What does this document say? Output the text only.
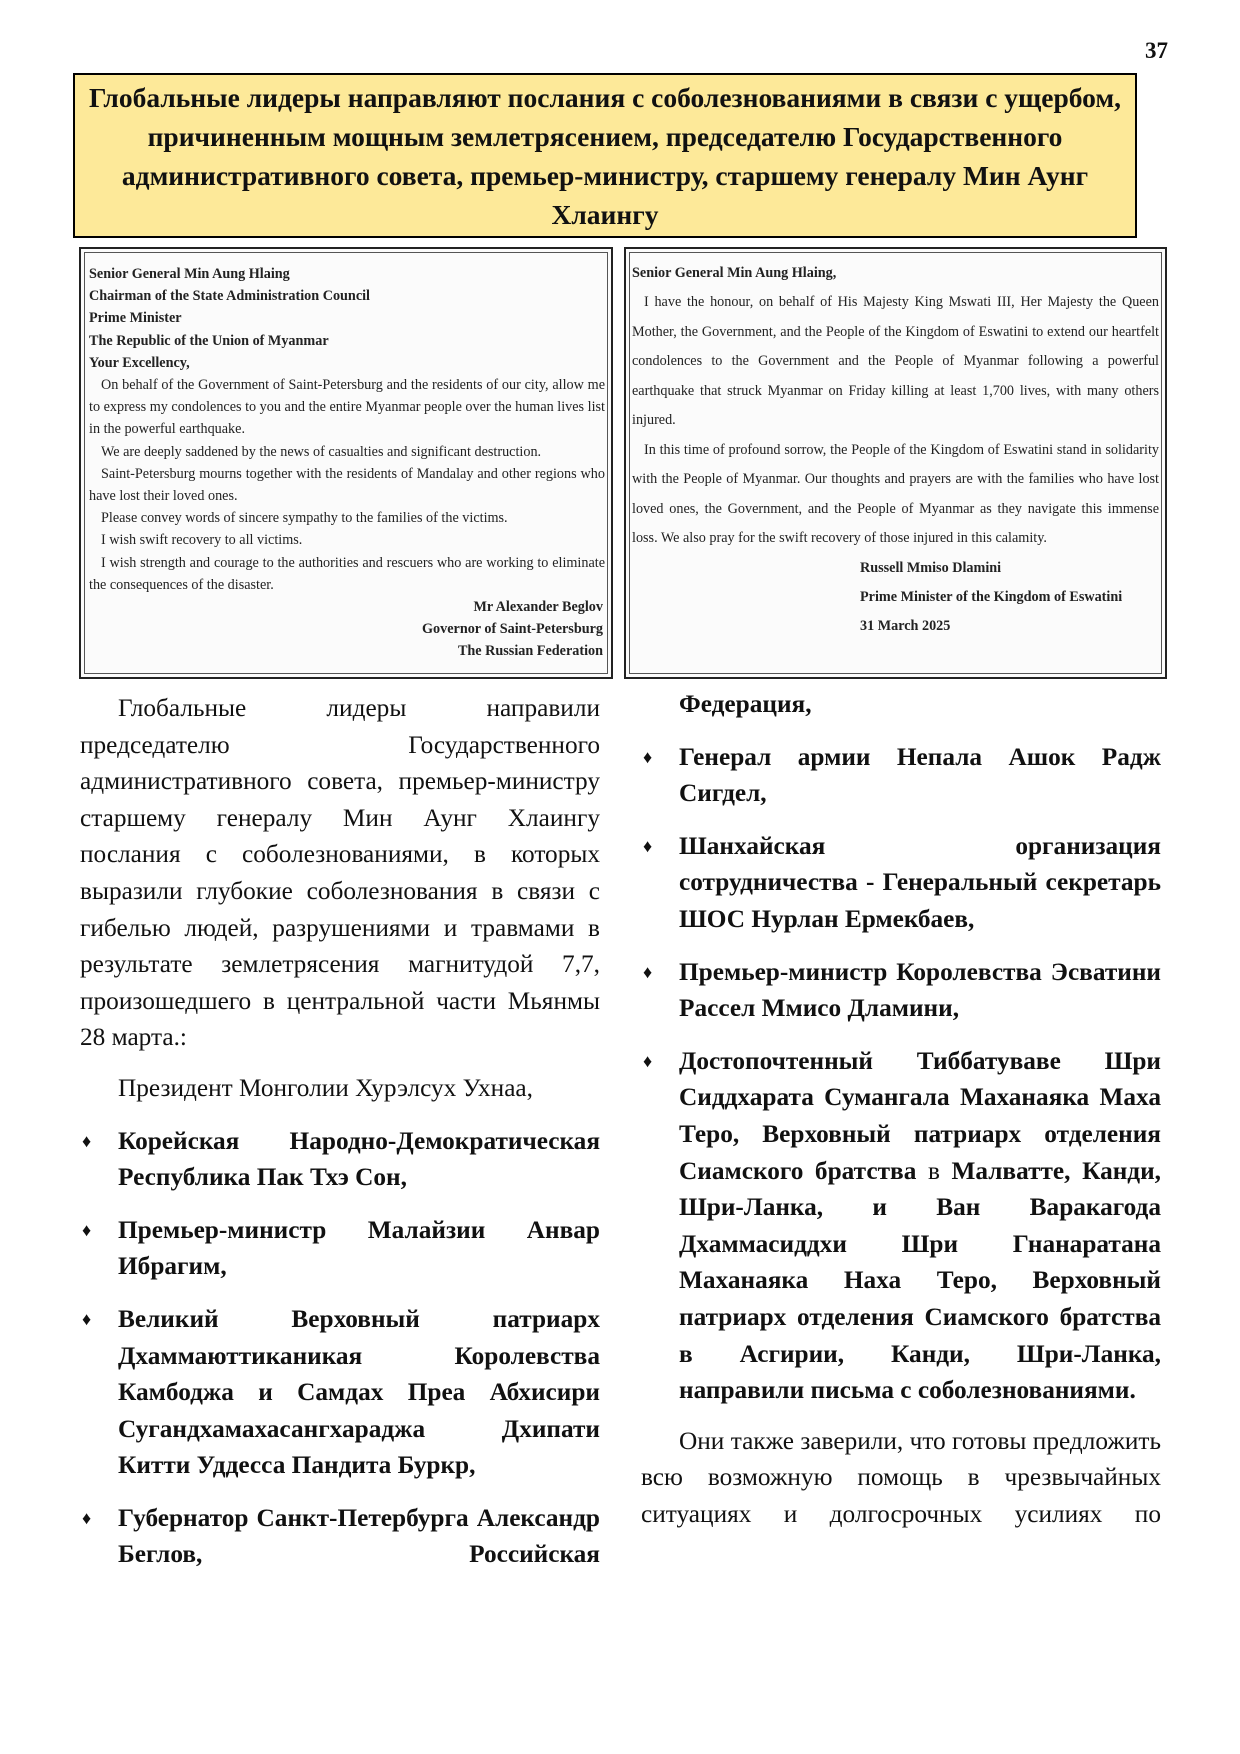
37
Глобальные лидеры направляют послания с соболезнованиями в связи с ущербом, причиненным мощным землетрясением, председателю Государственного административного совета, премьер-министру, старшему генералу Мин Аунг Хлаингу

Senior General Min Aung Hlaing

Chairman of the State Administration Council

Prime Minister

The Republic of the Union of Myanmar

Your Excellency,

On behalf of the Government of Saint-Petersburg and the residents of our city, allow me to express my condolences to you and the entire Myanmar people over the human lives list in the powerful earthquake.

We are deeply saddened by the news of casualties and significant destruction.

Saint-Petersburg mourns together with the residents of Mandalay and other regions who have lost their loved ones.

Please convey words of sincere sympathy to the families of the victims.

I wish swift recovery to all victims.

I wish strength and courage to the authorities and rescuers who are working to eliminate the consequences of the disaster.

Mr Alexander Beglov

Governor of Saint-Petersburg

The Russian Federation

Senior General Min Aung Hlaing,

I have the honour, on behalf of His Majesty King Mswati III, Her Majesty the Queen Mother, the Government, and the People of the Kingdom of Eswatini to extend our heartfelt condolences to the Government and the People of Myanmar following a powerful earthquake that struck Myanmar on Friday killing at least 1,700 lives, with many others injured.

In this time of profound sorrow, the People of the Kingdom of Eswatini stand in solidarity with the People of Myanmar. Our thoughts and prayers are with the families who have lost loved ones, the Government, and the People of Myanmar as they navigate this immense loss. We also pray for the swift recovery of those injured in this calamity.

Russell Mmiso Dlamini

Prime Minister of the Kingdom of Eswatini

31 March 2025

Глобальные лидеры направили председателю Государственного административного совета, премьер-министру старшему генералу Мин Аунг Хлаингу послания с соболезнованиями, в которых выразили глубокие соболезнования в связи с гибелью людей, разрушениями и травмами в результате землетрясения магнитудой 7,7, произошедшего в центральной части Мьянмы 28 марта.:

Президент Монголии Хурэлсух Ухнаа,

♦ Корейская Народно-Демократическая Республика Пак Тхэ Сон,
♦ Премьер-министр Малайзии Анвар Ибрагим,
♦ Великий Верховный патриарх Дхаммаюттиканикая Королевства Камбоджа и Самдах Преа Абхисири Сугандхамахасангхараджа Дхипати Китти Уддесса Пандита Буркр,
♦ Губернатор Санкт-Петербурга Александр Беглов, Российская

Федерация,

♦ Генерал армии Непала Ашок Радж Сигдел,
♦ Шанхайская организация сотрудничества - Генеральный секретарь ШОС Нурлан Ермекбаев,
♦ Премьер-министр Королевства Эсватини Рассел Ммисо Дламини,
♦ Достопочтенный Тиббатуваве Шри Сиддхарата Сумангала Маханаяка Маха Теро, Верховный патриарх отделения Сиамского братства в Малватте, Канди, Шри-Ланка, и Ван Варакагода Дхаммасиддхи Шри Гнанаратана Маханаяка Наха Теро, Верховный патриарх отделения Сиамского братства в Асгирии, Канди, Шри-Ланка, направили письма с соболезнованиями.

Они также заверили, что готовы предложить всю возможную помощь в чрезвычайных ситуациях и долгосрочных усилиях по
